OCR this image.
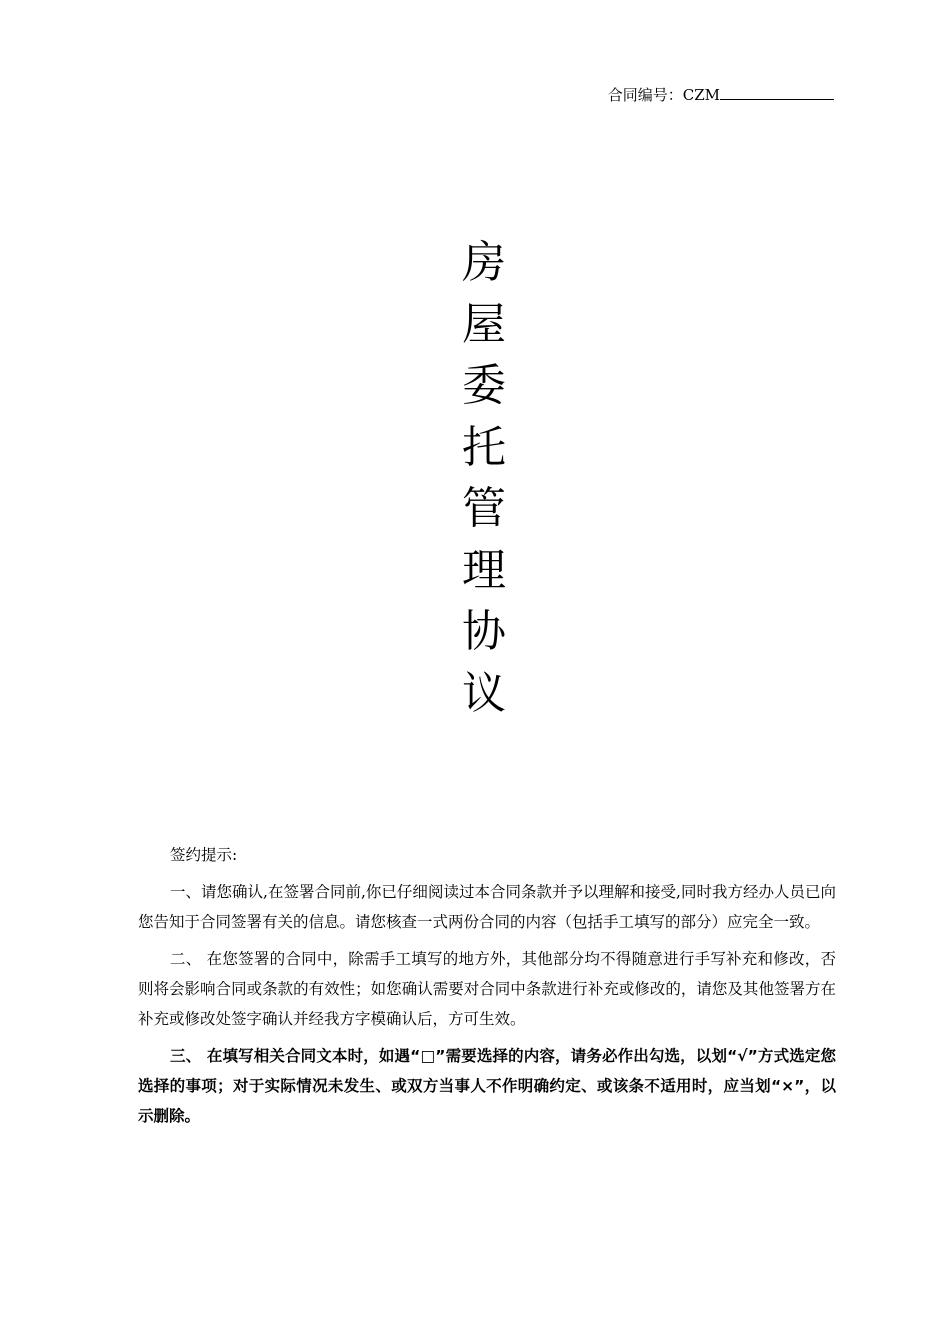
合同编号：CZM
房
屋
委
托
管
理
协
议

签约提示:

一、请您确认,在签署合同前,你已仔细阅读过本合同条款并予以理解和接受,同时我方经办人员已向您告知于合同签署有关的信息。请您核查一式两份合同的内容（包括手工填写的部分）应完全一致。

二、 在您签署的合同中，除需手工填写的地方外，其他部分均不得随意进行手写补充和修改，否则将会影响合同或条款的有效性；如您确认需要对合同中条款进行补充或修改的，请您及其他签署方在补充或修改处签字确认并经我方字模确认后，方可生效。

三、 在填写相关合同文本时，如遇“□”需要选择的内容，请务必作出勾选，以划“√”方式选定您选择的事项；对于实际情况未发生、或双方当事人不作明确约定、或该条不适用时，应当划“×”，以示删除。
